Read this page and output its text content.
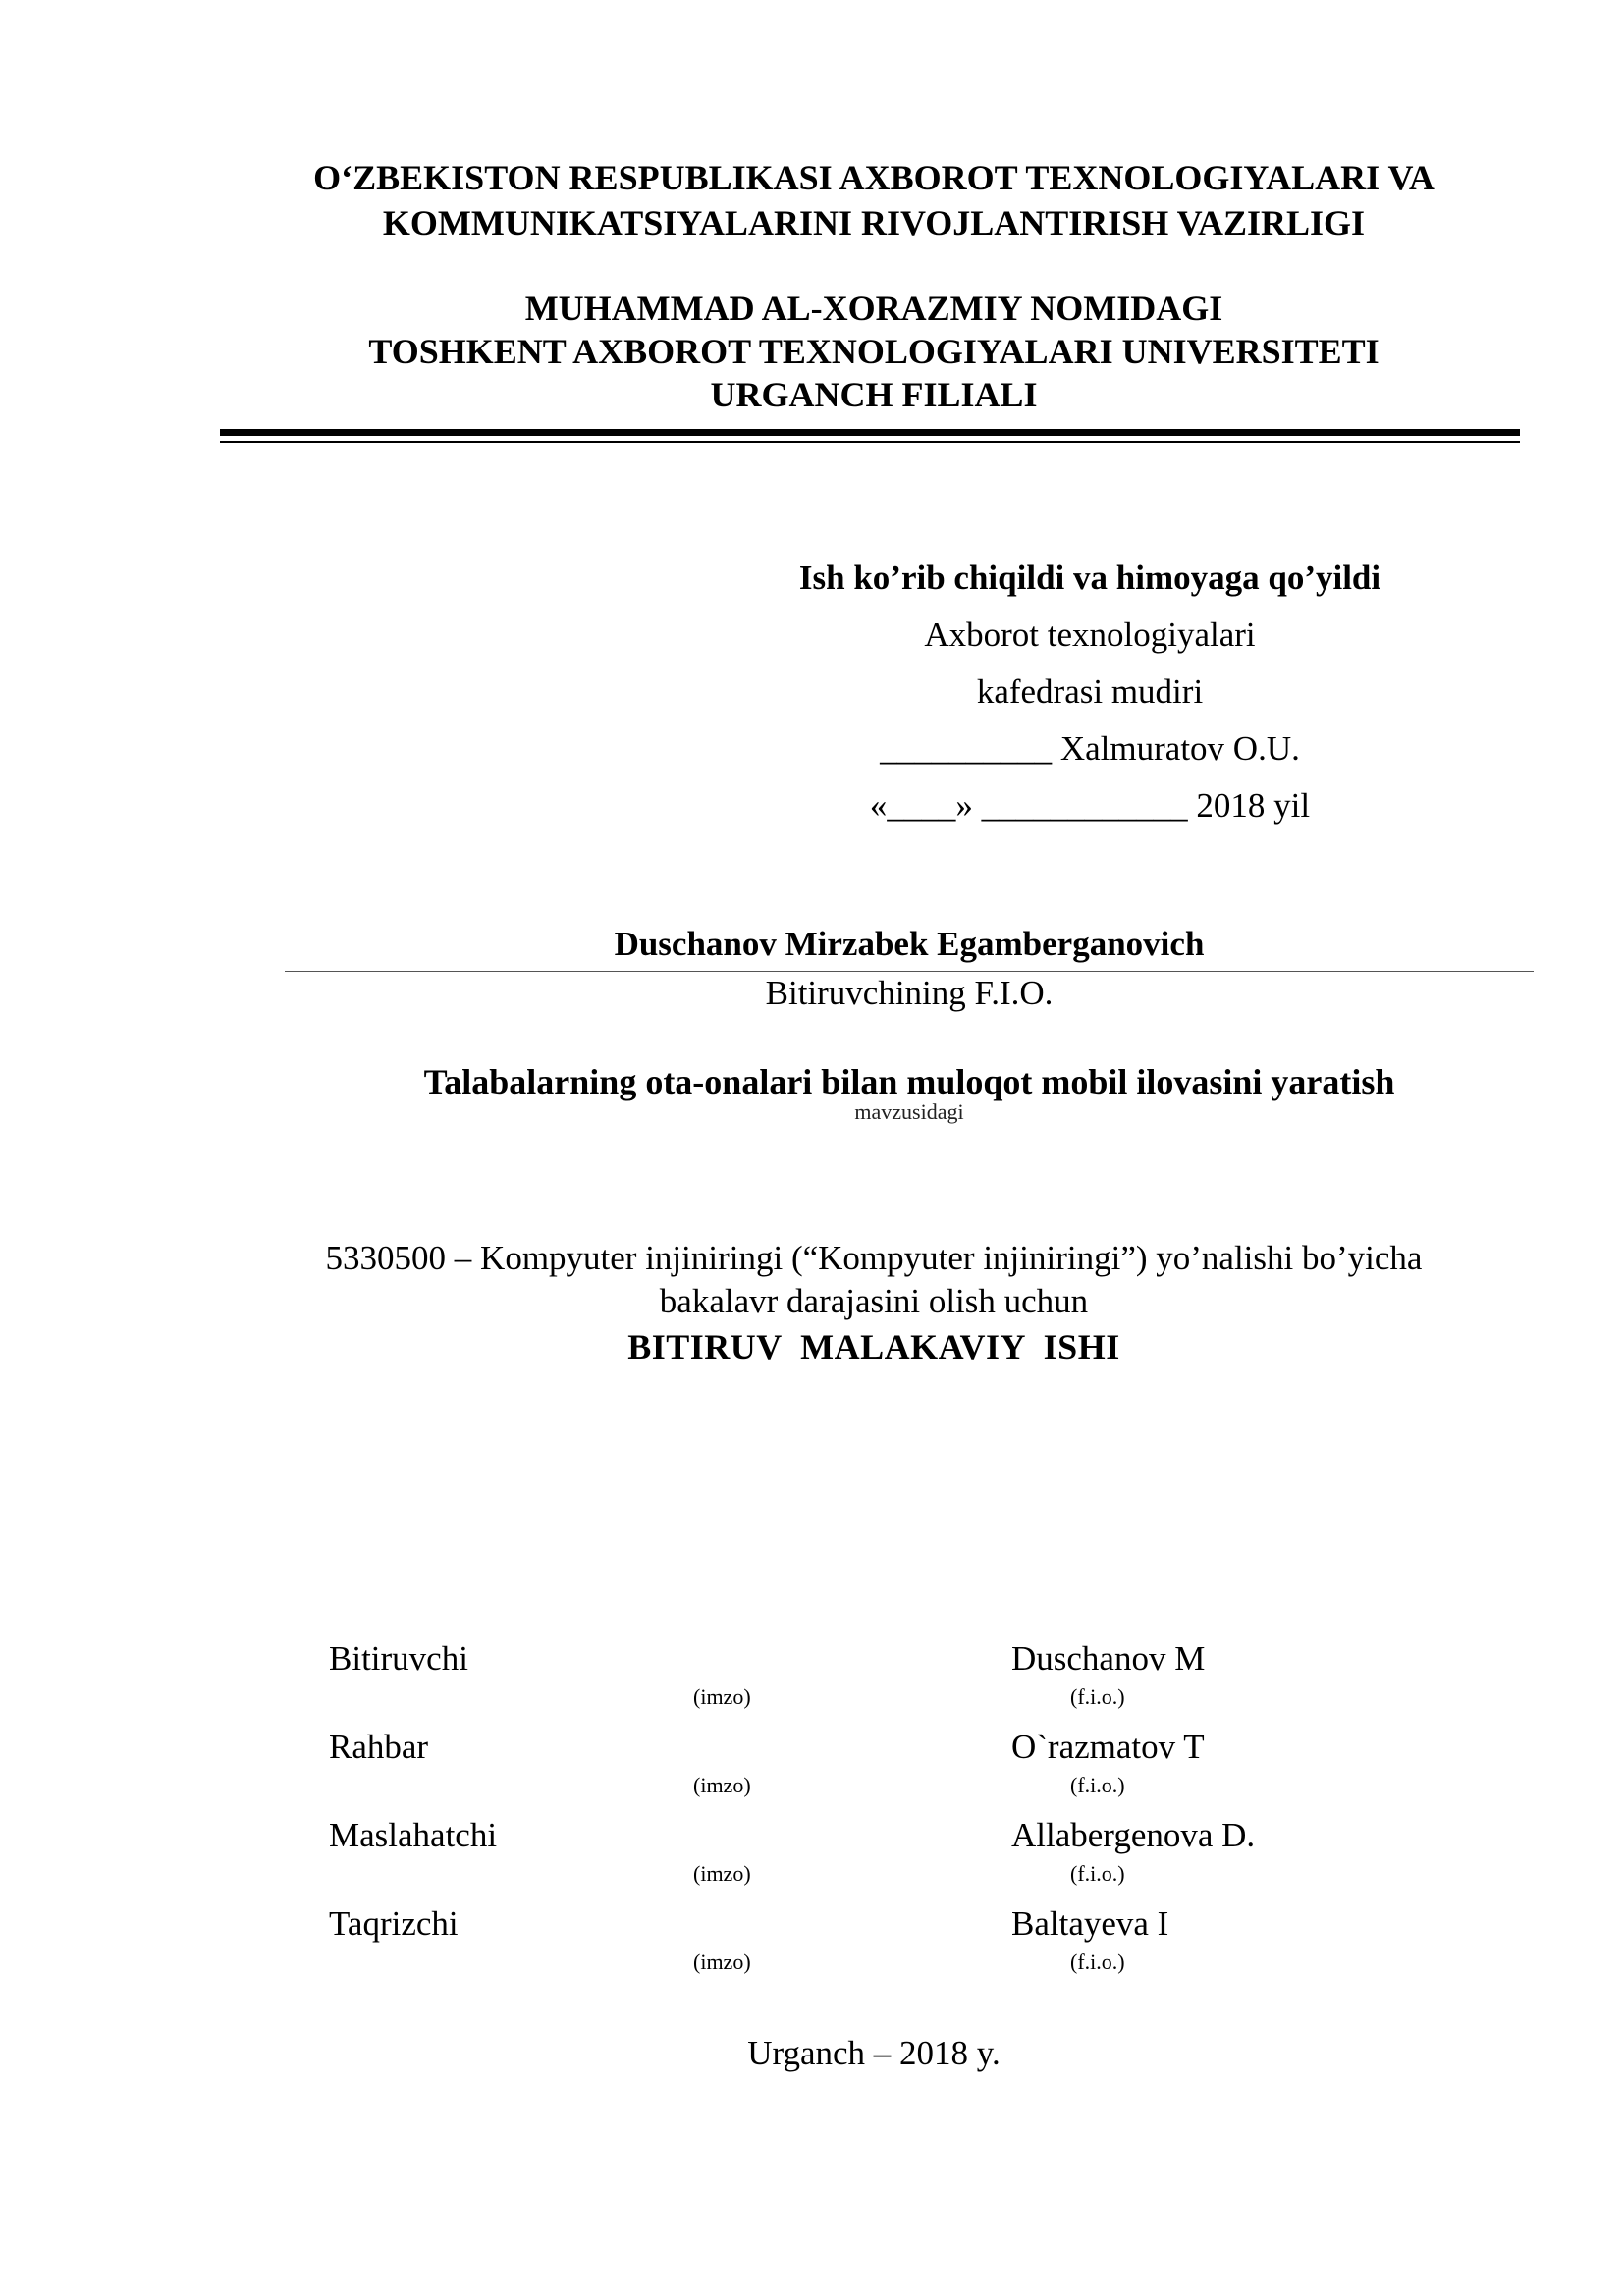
O‘ZBEKISTON RESPUBLIKASI AXBOROT TEXNOLOGIYALARI VA
KOMMUNIKATSIYALARINI RIVOJLANTIRISH VAZIRLIGI
MUHAMMAD AL-XORAZMIY NOMIDAGI
TOSHKENT AXBOROT TEXNOLOGIYALARI UNIVERSITETI
URGANCH FILIALI
Ish ko’rib chiqildi va himoyaga qo’yildi
Axborot texnologiyalari
kafedrasi mudiri
__________ Xalmuratov O.U.
«____» ____________ 2018 yil
Duschanov Mirzabek Egamberganovich
Bitiruvchining F.I.O.
Talabalarning ota-onalari bilan muloqot mobil ilovasini yaratish
mavzusidagi
5330500 – Kompyuter injiniringi (“Kompyuter injiniringi”) yo’nalishi bo’yicha
bakalavr darajasini olish uchun
BITIRUV  MALAKAVIY  ISHI
Bitiruvchi
(imzo)
Duschanov M
(f.i.o.)
Rahbar
(imzo)
O`razmatov T
(f.i.o.)
Maslahatchi
(imzo)
Allabergenova D.
(f.i.o.)
Taqrizchi
(imzo)
Baltayeva I
(f.i.o.)
Urganch – 2018 y.
